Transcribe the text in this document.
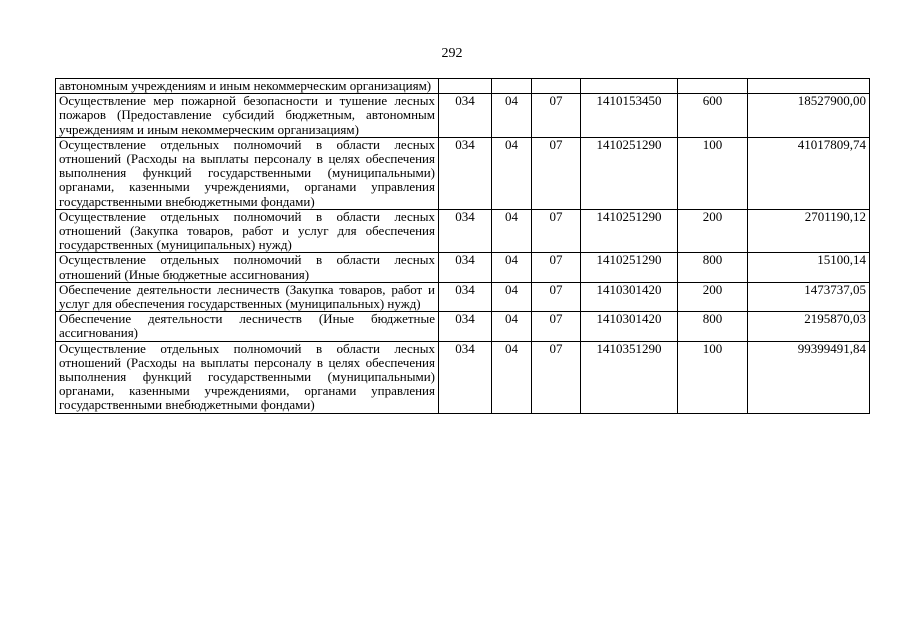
292
автономным учреждениям и иным некоммерческим организациям)						
Осуществление мер пожарной безопасности и тушение лесных пожаров (Предоставление субсидий бюджетным, автономным учреждениям и иным некоммерческим организациям)	034	04	07	1410153450	600	18527900,00
Осуществление отдельных полномочий в области лесных отношений (Расходы на выплаты персоналу в целях обеспечения выполнения функций государственными (муниципальными) органами, казенными учреждениями, органами управления государственными внебюджетными фондами)	034	04	07	1410251290	100	41017809,74
Осуществление отдельных полномочий в области лесных отношений (Закупка товаров, работ и услуг для обеспечения государственных (муниципальных) нужд)	034	04	07	1410251290	200	2701190,12
Осуществление отдельных полномочий в области лесных отношений (Иные бюджетные ассигнования)	034	04	07	1410251290	800	15100,14
Обеспечение деятельности лесничеств (Закупка товаров, работ и услуг для обеспечения государственных (муниципальных) нужд)	034	04	07	1410301420	200	1473737,05
Обеспечение деятельности лесничеств (Иные бюджетные ассигнования)	034	04	07	1410301420	800	2195870,03
Осуществление отдельных полномочий в области лесных отношений (Расходы на выплаты персоналу в целях обеспечения выполнения функций государственными (муниципальными) органами, казенными учреждениями, органами управления государственными внебюджетными фондами)	034	04	07	1410351290	100	99399491,84
